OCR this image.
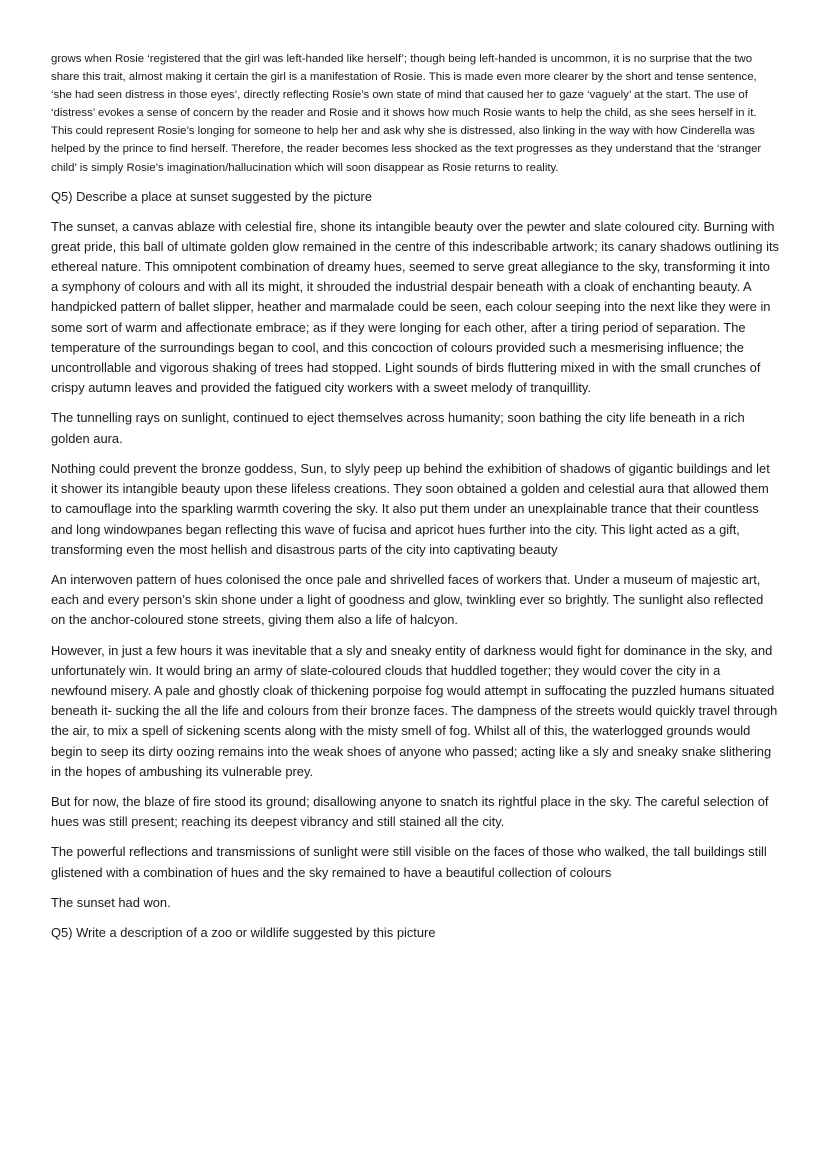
grows when Rosie ‘registered that the girl was left-handed like herself’; though being left-handed is uncommon, it is no surprise that the two share this trait, almost making it certain the girl is a manifestation of Rosie. This is made even more clearer by the short and tense sentence, ‘she had seen distress in those eyes’, directly reflecting Rosie’s own state of mind that caused her to gaze ‘vaguely’ at the start. The use of ‘distress’ evokes a sense of concern by the reader and Rosie and it shows how much Rosie wants to help the child, as she sees herself in it. This could represent Rosie’s longing for someone to help her and ask why she is distressed, also linking in the way with how Cinderella was helped by the prince to find herself. Therefore, the reader becomes less shocked as the text progresses as they understand that the ‘stranger child’ is simply Rosie’s imagination/hallucination which will soon disappear as Rosie returns to reality.

Q5) Describe a place at sunset suggested by the picture

The sunset, a canvas ablaze with celestial fire, shone its intangible beauty over the pewter and slate coloured city. Burning with great pride, this ball of ultimate golden glow remained in the centre of this indescribable artwork; its canary shadows outlining its ethereal nature. This omnipotent combination of dreamy hues, seemed to serve great allegiance to the sky, transforming it into a symphony of colours and with all its might, it shrouded the industrial despair beneath with a cloak of enchanting beauty. A handpicked pattern of ballet slipper, heather and marmalade could be seen, each colour seeping into the next like they were in some sort of warm and affectionate embrace; as if they were longing for each other, after a tiring period of separation. The temperature of the surroundings began to cool, and this concoction of colours provided such a mesmerising influence; the uncontrollable and vigorous shaking of trees had stopped. Light sounds of birds fluttering mixed in with the small crunches of crispy autumn leaves and provided the fatigued city workers with a sweet melody of tranquillity.

The tunnelling rays on sunlight, continued to eject themselves across humanity; soon bathing the city life beneath in a rich golden aura.

Nothing could prevent the bronze goddess, Sun, to slyly peep up behind the exhibition of shadows of gigantic buildings and let it shower its intangible beauty upon these lifeless creations. They soon obtained a golden and celestial aura that allowed them to camouflage into the sparkling warmth covering the sky. It also put them under an unexplainable trance that their countless and long windowpanes began reflecting this wave of fucisa and apricot hues further into the city. This light acted as a gift, transforming even the most hellish and disastrous parts of the city into captivating beauty

An interwoven pattern of hues colonised the once pale and shrivelled faces of workers that. Under a museum of majestic art, each and every person’s skin shone under a light of goodness and glow, twinkling ever so brightly. The sunlight also reflected on the anchor-coloured stone streets, giving them also a life of halcyon.

However, in just a few hours it was inevitable that a sly and sneaky entity of darkness would fight for dominance in the sky, and unfortunately win. It would bring an army of slate-coloured clouds that huddled together; they would cover the city in a newfound misery. A pale and ghostly cloak of thickening porpoise fog would attempt in suffocating the puzzled humans situated beneath it- sucking the all the life and colours from their bronze faces. The dampness of the streets would quickly travel through the air, to mix a spell of sickening scents along with the misty smell of fog. Whilst all of this, the waterlogged grounds would begin to seep its dirty oozing remains into the weak shoes of anyone who passed; acting like a sly and sneaky snake slithering in the hopes of ambushing its vulnerable prey.

But for now, the blaze of fire stood its ground; disallowing anyone to snatch its rightful place in the sky. The careful selection of hues was still present; reaching its deepest vibrancy and still stained all the city.

The powerful reflections and transmissions of sunlight were still visible on the faces of those who walked, the tall buildings still glistened with a combination of hues and the sky remained to have a beautiful collection of colours

The sunset had won.

Q5) Write a description of a zoo or wildlife suggested by this picture
